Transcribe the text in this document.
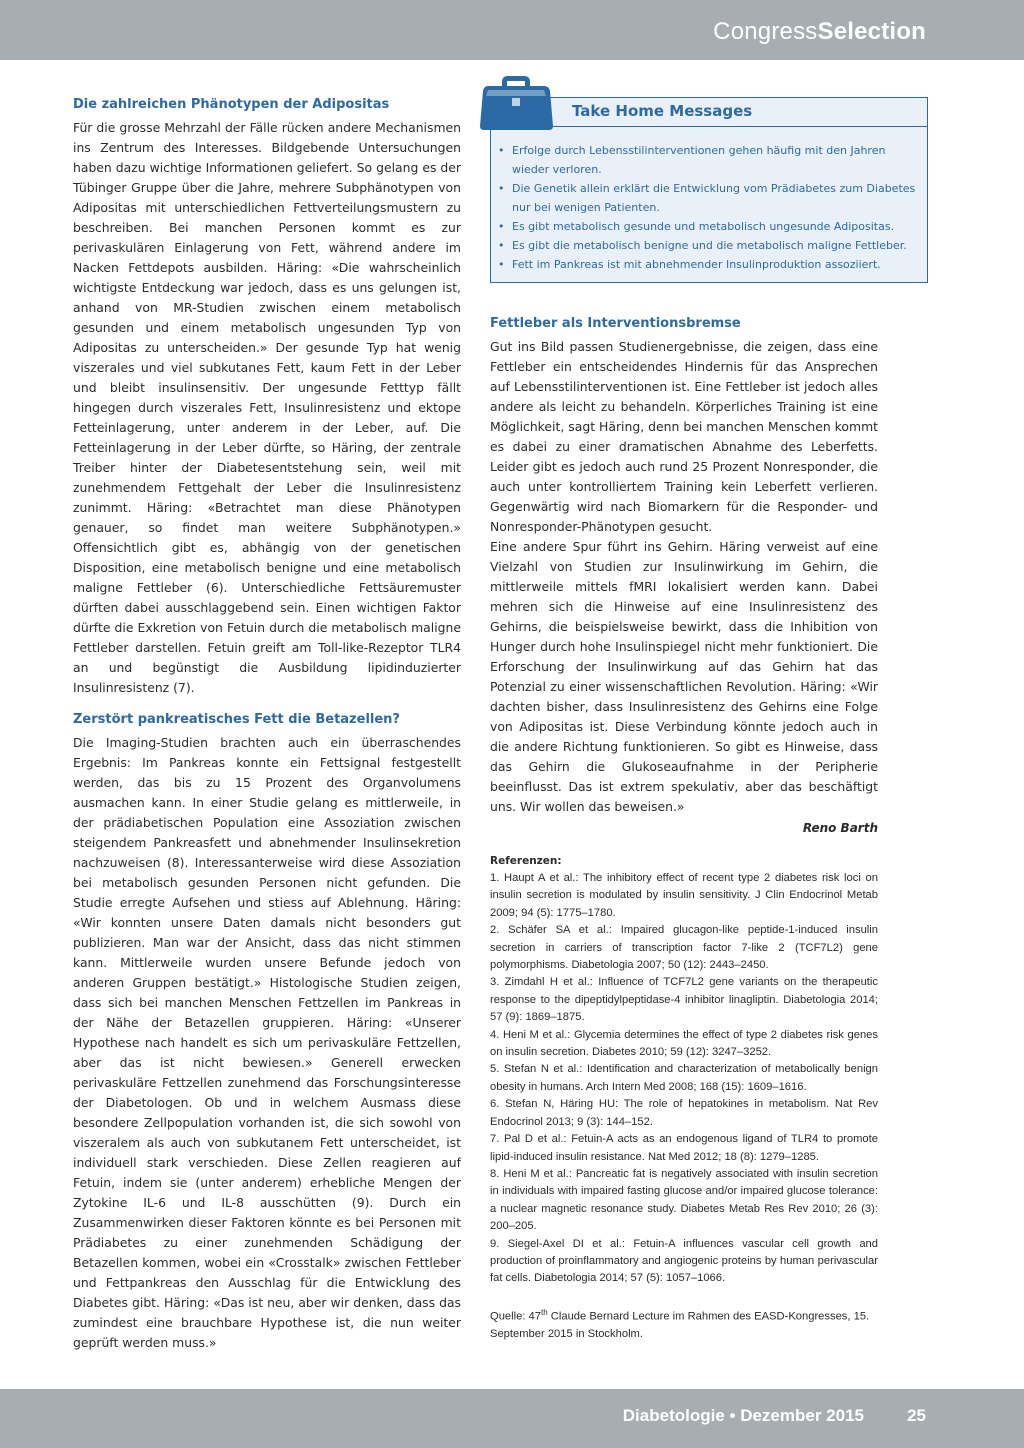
CongressSelection
Die zahlreichen Phänotypen der Adipositas

Für die grosse Mehrzahl der Fälle rücken andere Mechanismen ins Zentrum des Interesses. Bildgebende Untersuchungen haben dazu wichtige Informationen geliefert. So gelang es der Tübinger Gruppe über die Jahre, mehrere Subphänotypen von Adipositas mit unterschiedlichen Fettverteilungsmustern zu beschreiben. Bei manchen Personen kommt es zur perivaskulären Einlagerung von Fett, während andere im Nacken Fettdepots ausbilden. Häring: «Die wahrscheinlich wichtigste Entdeckung war jedoch, dass es uns gelungen ist, anhand von MR-Studien zwischen einem metabolisch gesunden und einem metabolisch ungesunden Typ von Adipositas zu unterscheiden.» Der gesunde Typ hat wenig viszerales und viel subkutanes Fett, kaum Fett in der Leber und bleibt insulinsensitiv. Der ungesunde Fetttyp fällt hingegen durch viszerales Fett, Insulinresistenz und ektope Fetteinlagerung, unter anderem in der Leber, auf. Die Fetteinlagerung in der Leber dürfte, so Häring, der zentrale Treiber hinter der Diabetesentstehung sein, weil mit zunehmendem Fettgehalt der Leber die Insulinresistenz zunimmt. Häring: «Betrachtet man diese Phänotypen genauer, so findet man weitere Subphänotypen.» Offensichtlich gibt es, abhängig von der genetischen Disposition, eine metabolisch benigne und eine metabolisch maligne Fettleber (6). Unterschiedliche Fettsäuremuster dürften dabei ausschlaggebend sein. Einen wichtigen Faktor dürfte die Exkretion von Fetuin durch die metabolisch maligne Fettleber darstellen. Fetuin greift am Toll-like-Rezeptor TLR4 an und begünstigt die Ausbildung lipidinduzierter Insulinresistenz (7).

Zerstört pankreatisches Fett die Betazellen?

Die Imaging-Studien brachten auch ein überraschendes Ergebnis: Im Pankreas konnte ein Fettsignal festgestellt werden, das bis zu 15 Prozent des Organvolumens ausmachen kann. In einer Studie gelang es mittlerweile, in der prädiabetischen Population eine Assoziation zwischen steigendem Pankreasfett und abnehmender Insulinsekretion nachzuweisen (8). Interessanterweise wird diese Assoziation bei metabolisch gesunden Personen nicht gefunden. Die Studie erregte Aufsehen und stiess auf Ablehnung. Häring: «Wir konnten unsere Daten damals nicht besonders gut publizieren. Man war der Ansicht, dass das nicht stimmen kann. Mittlerweile wurden unsere Befunde jedoch von anderen Gruppen bestätigt.» Histologische Studien zeigen, dass sich bei manchen Menschen Fettzellen im Pankreas in der Nähe der Betazellen gruppieren. Häring: «Unserer Hypothese nach handelt es sich um perivaskuläre Fettzellen, aber das ist nicht bewiesen.» Generell erwecken perivaskuläre Fettzellen zunehmend das Forschungsinteresse der Diabetologen. Ob und in welchem Ausmass diese besondere Zellpopulation vorhanden ist, die sich sowohl von viszeralem als auch von subkutanem Fett unterscheidet, ist individuell stark verschieden. Diese Zellen reagieren auf Fetuin, indem sie (unter anderem) erhebliche Mengen der Zytokine IL-6 und IL-8 ausschütten (9). Durch ein Zusammenwirken dieser Faktoren könnte es bei Personen mit Prädiabetes zu einer zunehmenden Schädigung der Betazellen kommen, wobei ein «Crosstalk» zwischen Fettleber und Fettpankreas den Ausschlag für die Entwicklung des Diabetes gibt. Häring: «Das ist neu, aber wir denken, dass das zumindest eine brauchbare Hypothese ist, die nun weiter geprüft werden muss.»

Take Home Messages
• Erfolge durch Lebensstilinterventionen gehen häufig mit den Jahren wieder verloren.
• Die Genetik allein erklärt die Entwicklung vom Prädiabetes zum Diabetes nur bei wenigen Patienten.
• Es gibt metabolisch gesunde und metabolisch ungesunde Adipositas.
• Es gibt die metabolisch benigne und die metabolisch maligne Fettleber.
• Fett im Pankreas ist mit abnehmender Insulinproduktion assoziiert.
Fettleber als Interventionsbremse

Gut ins Bild passen Studienergebnisse, die zeigen, dass eine Fettleber ein entscheidendes Hindernis für das Ansprechen auf Lebensstilinterventionen ist. Eine Fettleber ist jedoch alles andere als leicht zu behandeln. Körperliches Training ist eine Möglichkeit, sagt Häring, denn bei manchen Menschen kommt es dabei zu einer dramatischen Abnahme des Leberfetts. Leider gibt es jedoch auch rund 25 Prozent Nonresponder, die auch unter kontrolliertem Training kein Leberfett verlieren. Gegenwärtig wird nach Biomarkern für die Responder- und Nonresponder-Phänotypen gesucht.

Eine andere Spur führt ins Gehirn. Häring verweist auf eine Vielzahl von Studien zur Insulinwirkung im Gehirn, die mittlerweile mittels fMRI lokalisiert werden kann. Dabei mehren sich die Hinweise auf eine Insulinresistenz des Gehirns, die beispielsweise bewirkt, dass die Inhibition von Hunger durch hohe Insulinspiegel nicht mehr funktioniert. Die Erforschung der Insulinwirkung auf das Gehirn hat das Potenzial zu einer wissenschaftlichen Revolution. Häring: «Wir dachten bisher, dass Insulinresistenz des Gehirns eine Folge von Adipositas ist. Diese Verbindung könnte jedoch auch in die andere Richtung funktionieren. So gibt es Hinweise, dass das Gehirn die Glukoseaufnahme in der Peripherie beeinflusst. Das ist extrem spekulativ, aber das beschäftigt uns. Wir wollen das beweisen.»

Reno Barth
Referenzen:

1. Haupt A et al.: The inhibitory effect of recent type 2 diabetes risk loci on insulin secretion is modulated by insulin sensitivity. J Clin Endocrinol Metab 2009; 94 (5): 1775–1780.

2. Schäfer SA et al.: Impaired glucagon-like peptide-1-induced insulin secretion in carriers of transcription factor 7-like 2 (TCF7L2) gene polymorphisms. Diabetologia 2007; 50 (12): 2443–2450.

3. Zimdahl H et al.: Influence of TCF7L2 gene variants on the therapeutic response to the dipeptidylpeptidase-4 inhibitor linagliptin. Diabetologia 2014; 57 (9): 1869–1875.

4. Heni M et al.: Glycemia determines the effect of type 2 diabetes risk genes on insulin secretion. Diabetes 2010; 59 (12): 3247–3252.

5. Stefan N et al.: Identification and characterization of metabolically benign obesity in humans. Arch Intern Med 2008; 168 (15): 1609–1616.

6. Stefan N, Häring HU: The role of hepatokines in metabolism. Nat Rev Endocrinol 2013; 9 (3): 144–152.

7. Pal D et al.: Fetuin-A acts as an endogenous ligand of TLR4 to promote lipid-induced insulin resistance. Nat Med 2012; 18 (8): 1279–1285.

8. Heni M et al.: Pancreatic fat is negatively associated with insulin secretion in individuals with impaired fasting glucose and/or impaired glucose tolerance: a nuclear magnetic resonance study. Diabetes Metab Res Rev 2010; 26 (3): 200–205.

9. Siegel-Axel DI et al.: Fetuin-A influences vascular cell growth and production of proinflammatory and angiogenic proteins by human perivascular fat cells. Diabetologia 2014; 57 (5): 1057–1066.

Quelle: 47th Claude Bernard Lecture im Rahmen des EASD-Kongresses, 15. September 2015 in Stockholm.
Diabetologie • Dezember 2015	25
